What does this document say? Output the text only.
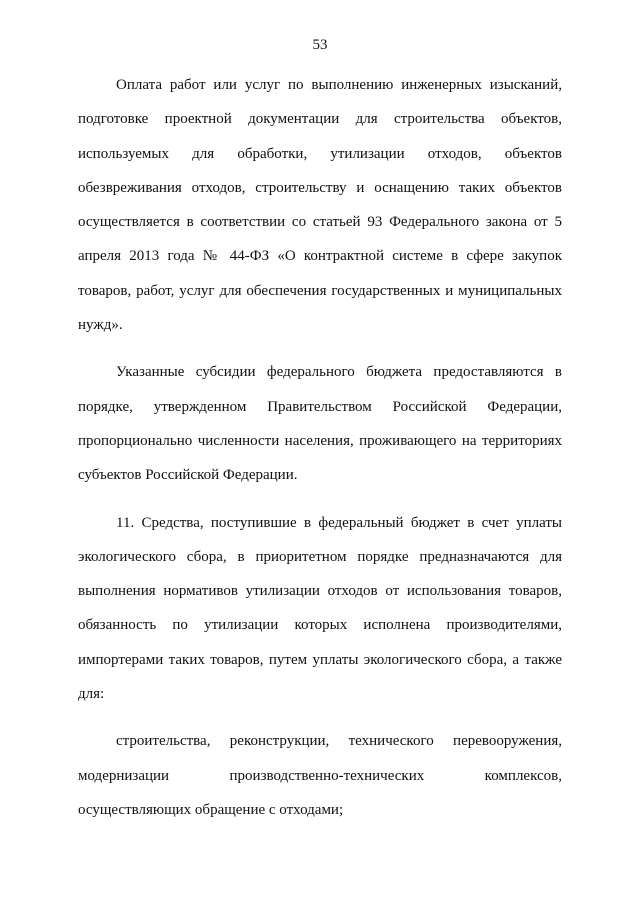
53

Оплата работ или услуг по выполнению инженерных изысканий, подготовке проектной документации для строительства объектов, используемых для обработки, утилизации отходов, объектов обезвреживания отходов, строительству и оснащению таких объектов осуществляется в соответствии со статьей 93 Федерального закона от 5 апреля 2013 года № 44-ФЗ «О контрактной системе в сфере закупок товаров, работ, услуг для обеспечения государственных и муниципальных нужд».

Указанные субсидии федерального бюджета предоставляются в порядке, утвержденном Правительством Российской Федерации, пропорционально численности населения, проживающего на территориях субъектов Российской Федерации.

11. Средства, поступившие в федеральный бюджет в счет уплаты экологического сбора, в приоритетном порядке предназначаются для выполнения нормативов утилизации отходов от использования товаров, обязанность по утилизации которых исполнена производителями, импортерами таких товаров, путем уплаты экологического сбора, а также для:

строительства, реконструкции, технического перевооружения, модернизации производственно-технических комплексов, осуществляющих обращение с отходами;
